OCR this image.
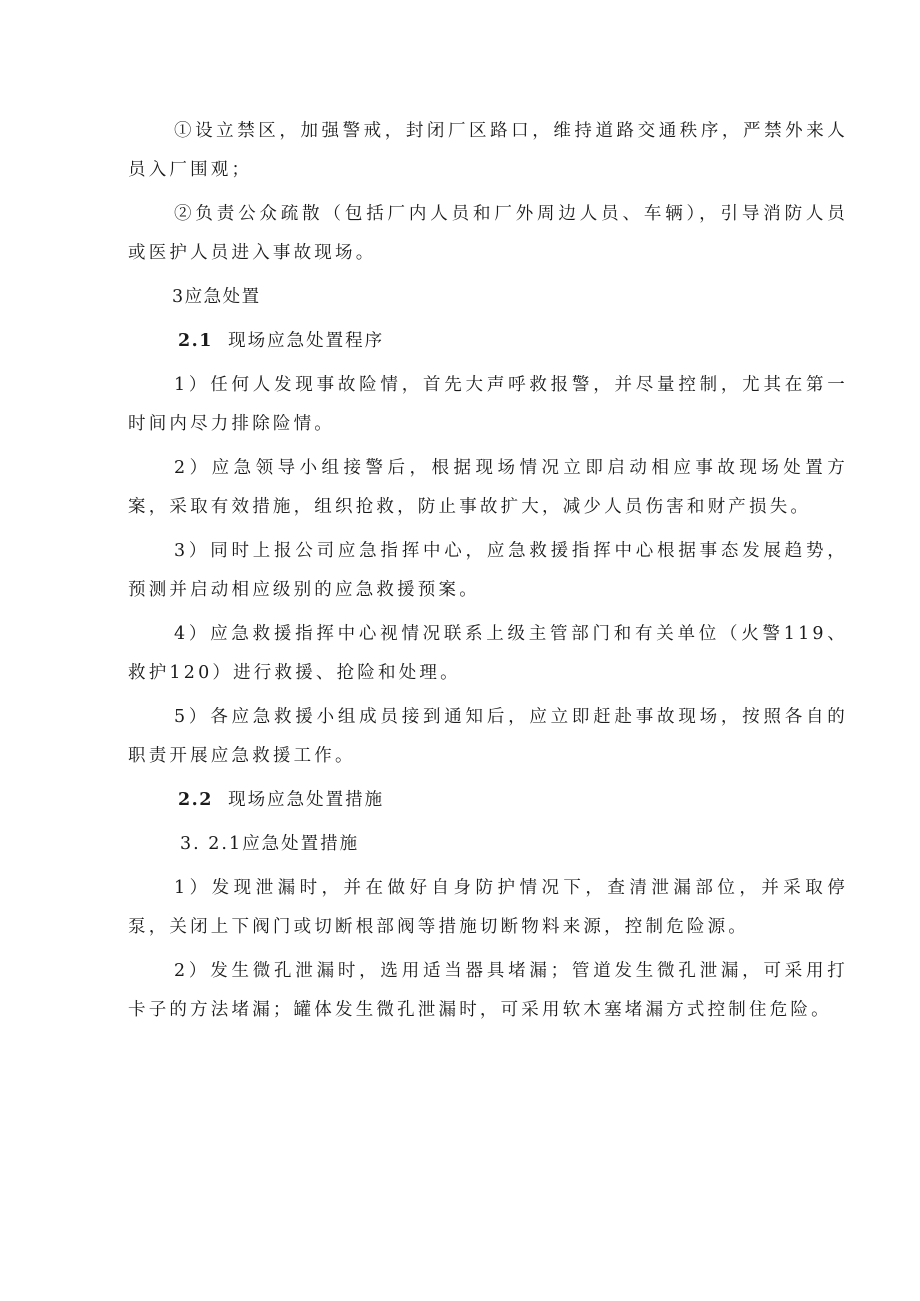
①设立禁区，加强警戒，封闭厂区路口，维持道路交通秩序，严禁外来人员入厂围观；

②负责公众疏散（包括厂内人员和厂外周边人员、车辆），引导消防人员或医护人员进入事故现场。

3应急处置

2.1 现场应急处置程序

1）任何人发现事故险情，首先大声呼救报警，并尽量控制，尤其在第一时间内尽力排除险情。

2）应急领导小组接警后，根据现场情况立即启动相应事故现场处置方案，采取有效措施，组织抢救，防止事故扩大，减少人员伤害和财产损失。

3）同时上报公司应急指挥中心，应急救援指挥中心根据事态发展趋势，预测并启动相应级别的应急救援预案。

4）应急救援指挥中心视情况联系上级主管部门和有关单位（火警119、救护120）进行救援、抢险和处理。

5）各应急救援小组成员接到通知后，应立即赶赴事故现场，按照各自的职责开展应急救援工作。

2.2 现场应急处置措施

3. 2.1应急处置措施

1）发现泄漏时，并在做好自身防护情况下，查清泄漏部位，并采取停泵，关闭上下阀门或切断根部阀等措施切断物料来源，控制危险源。

2）发生微孔泄漏时，选用适当器具堵漏；管道发生微孔泄漏，可采用打卡子的方法堵漏；罐体发生微孔泄漏时，可采用软木塞堵漏方式控制住危险。
